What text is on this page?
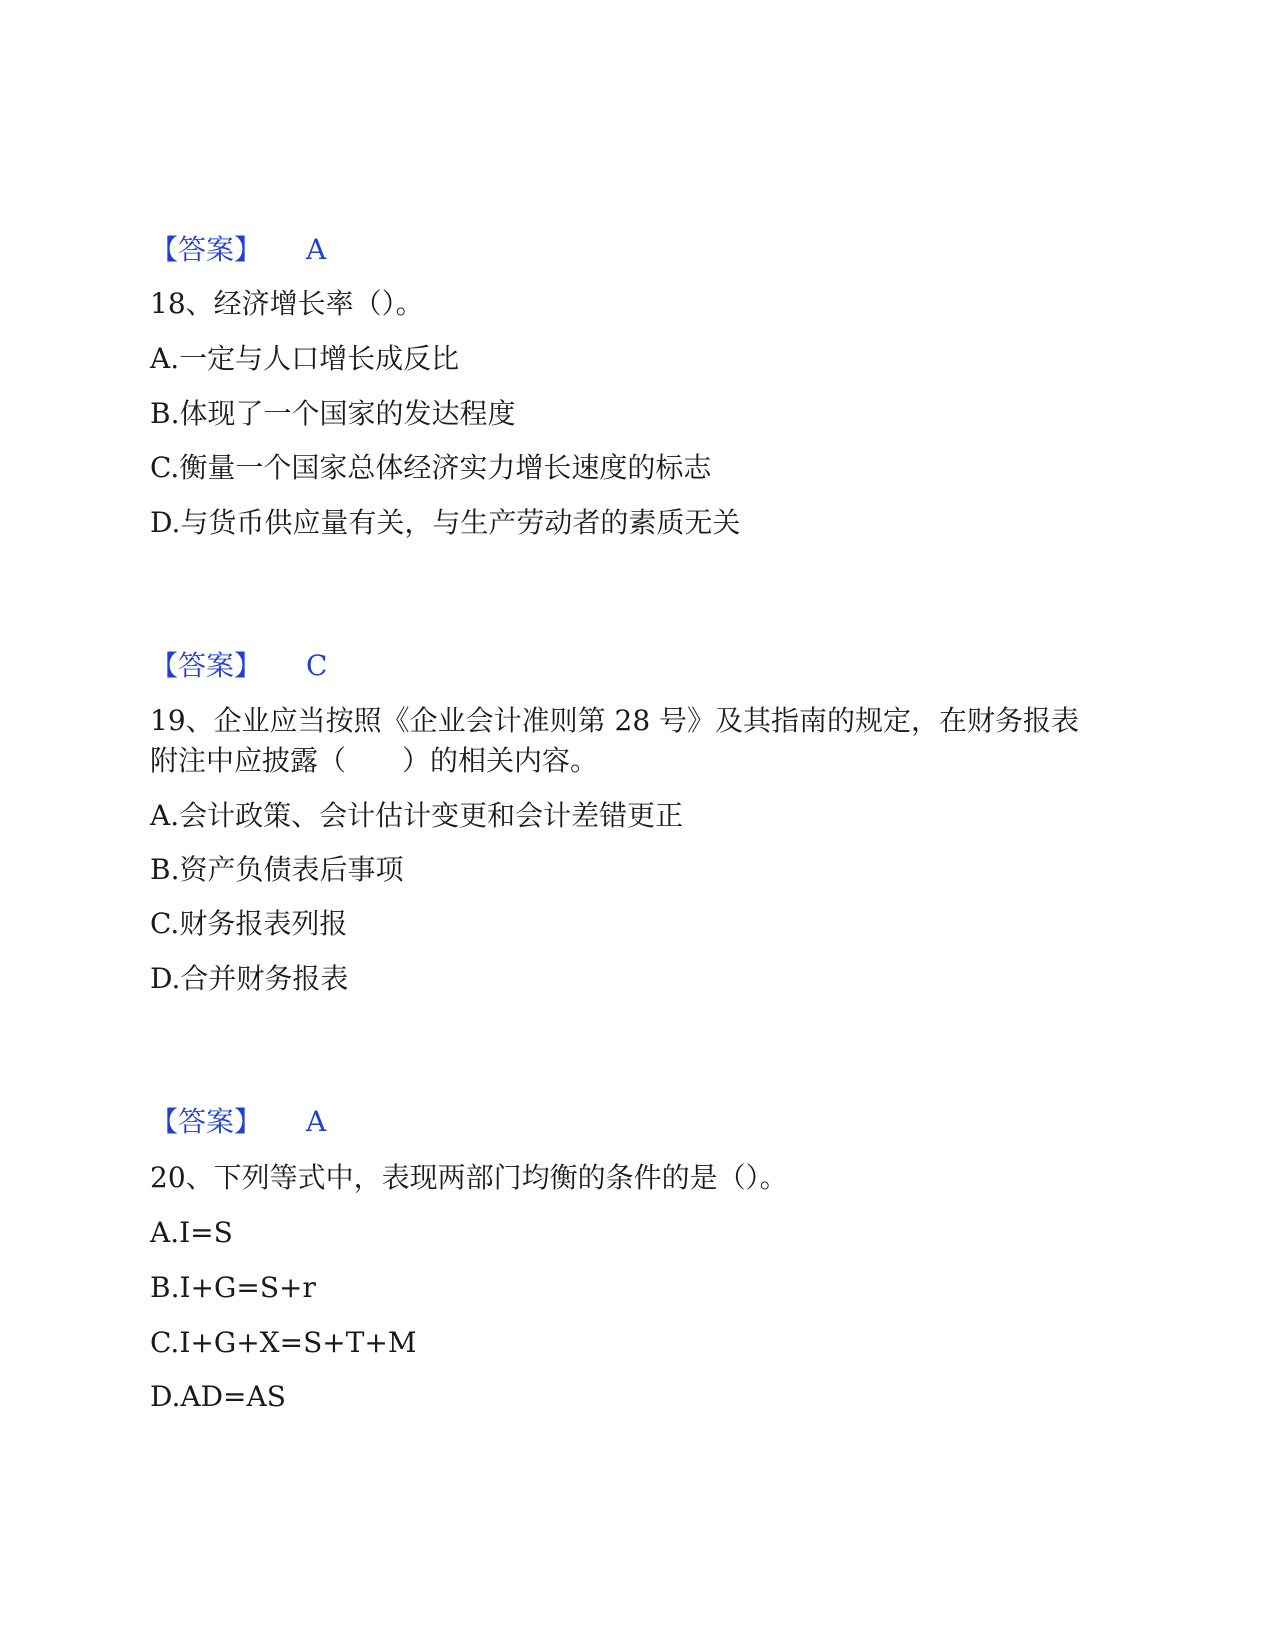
【答案】 A
18、经济增长率（）。
A.一定与人口增长成反比
B.体现了一个国家的发达程度
C.衡量一个国家总体经济实力增长速度的标志
D.与货币供应量有关，与生产劳动者的素质无关
【答案】 C
19、企业应当按照《企业会计准则第 28 号》及其指南的规定，在财务报表
附注中应披露（　　）的相关内容。
A.会计政策、会计估计变更和会计差错更正
B.资产负债表后事项
C.财务报表列报
D.合并财务报表
【答案】 A
20、下列等式中，表现两部门均衡的条件的是（）。
A.I=S
B.I+G=S+r
C.I+G+X=S+T+M
D.AD=AS
